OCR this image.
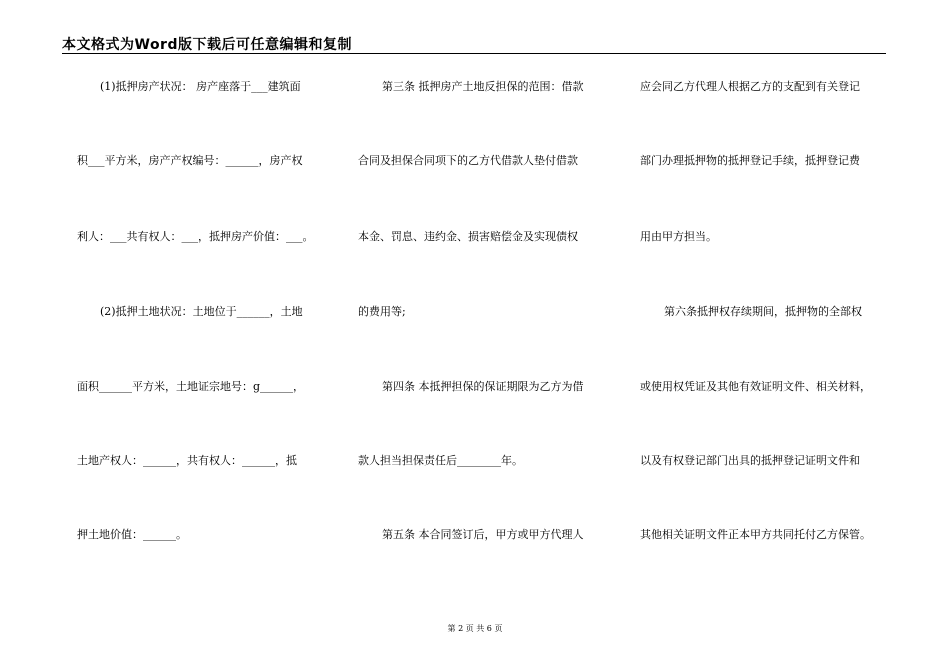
本文格式为Word版下载后可任意编辑和复制
(1)抵押房产状况： 房产座落于___建筑面
积___平方米，房产产权编号：______，房产权
利人：___共有权人：___，抵押房产价值：___。
(2)抵押土地状况：土地位于______，土地
面积______平方米，土地证宗地号：g______，
土地产权人：______，共有权人：______，抵
押土地价值：______。
第三条 抵押房产土地反担保的范围：借款
合同及担保合同项下的乙方代借款人垫付借款
本金、罚息、违约金、损害赔偿金及实现债权
的费用等;
第四条 本抵押担保的保证期限为乙方为借
款人担当担保责任后________年。
第五条 本合同签订后，甲方或甲方代理人
应会同乙方代理人根据乙方的支配到有关登记
部门办理抵押物的抵押登记手续，抵押登记费
用由甲方担当。
第六条抵押权存续期间，抵押物的全部权
或使用权凭证及其他有效证明文件、相关材料，
以及有权登记部门出具的抵押登记证明文件和
其他相关证明文件正本甲方共同托付乙方保管。
第 2 页 共 6 页
